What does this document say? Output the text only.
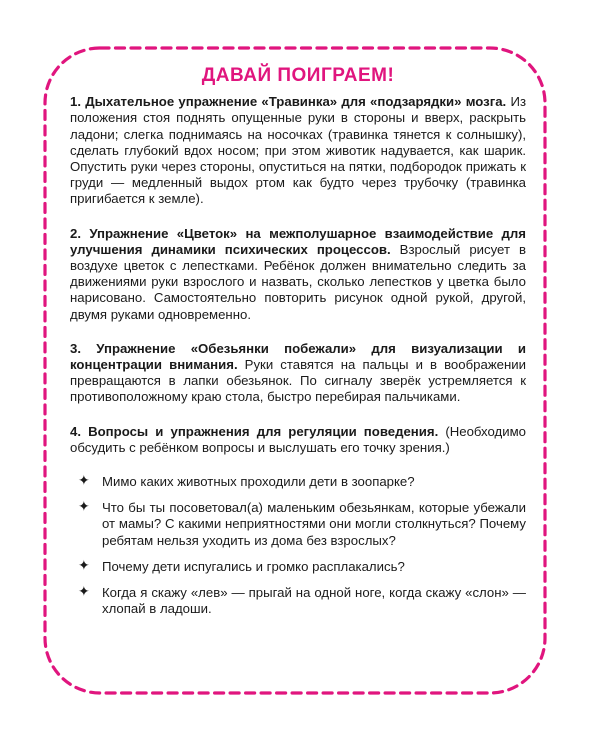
ДАВАЙ ПОИГРАЕМ!
1. Дыхательное упражнение «Травинка» для «подзарядки» мозга. Из положения стоя поднять опущенные руки в стороны и вверх, раскрыть ладони; слегка поднимаясь на носочках (травинка тянется к солнышку), сделать глубокий вдох носом; при этом животик надувается, как шарик. Опустить руки через стороны, опуститься на пятки, подбородок прижать к груди — медленный выдох ртом как будто через трубочку (травинка пригибается к земле).
2. Упражнение «Цветок» на межполушарное взаимодействие для улучшения динамики психических процессов. Взрослый рисует в воздухе цветок с лепестками. Ребёнок должен внимательно следить за движениями руки взрослого и назвать, сколько лепестков у цветка было нарисовано. Самостоятельно повторить рисунок одной рукой, другой, двумя руками одновременно.
3. Упражнение «Обезьянки побежали» для визуализации и концентрации внимания. Руки ставятся на пальцы и в воображении превращаются в лапки обезьянок. По сигналу зверёк устремляется к противоположному краю стола, быстро перебирая пальчиками.
4. Вопросы и упражнения для регуляции поведения. (Необходимо обсудить с ребёнком вопросы и выслушать его точку зрения.)
✦ Мимо каких животных проходили дети в зоопарке?
✦ Что бы ты посоветовал(а) маленьким обезьянкам, которые убежали от мамы? С какими неприятностями они могли столкнуться? Почему ребятам нельзя уходить из дома без взрослых?
✦ Почему дети испугались и громко расплакались?
✦ Когда я скажу «лев» — прыгай на одной ноге, когда скажу «слон» — хлопай в ладоши.
